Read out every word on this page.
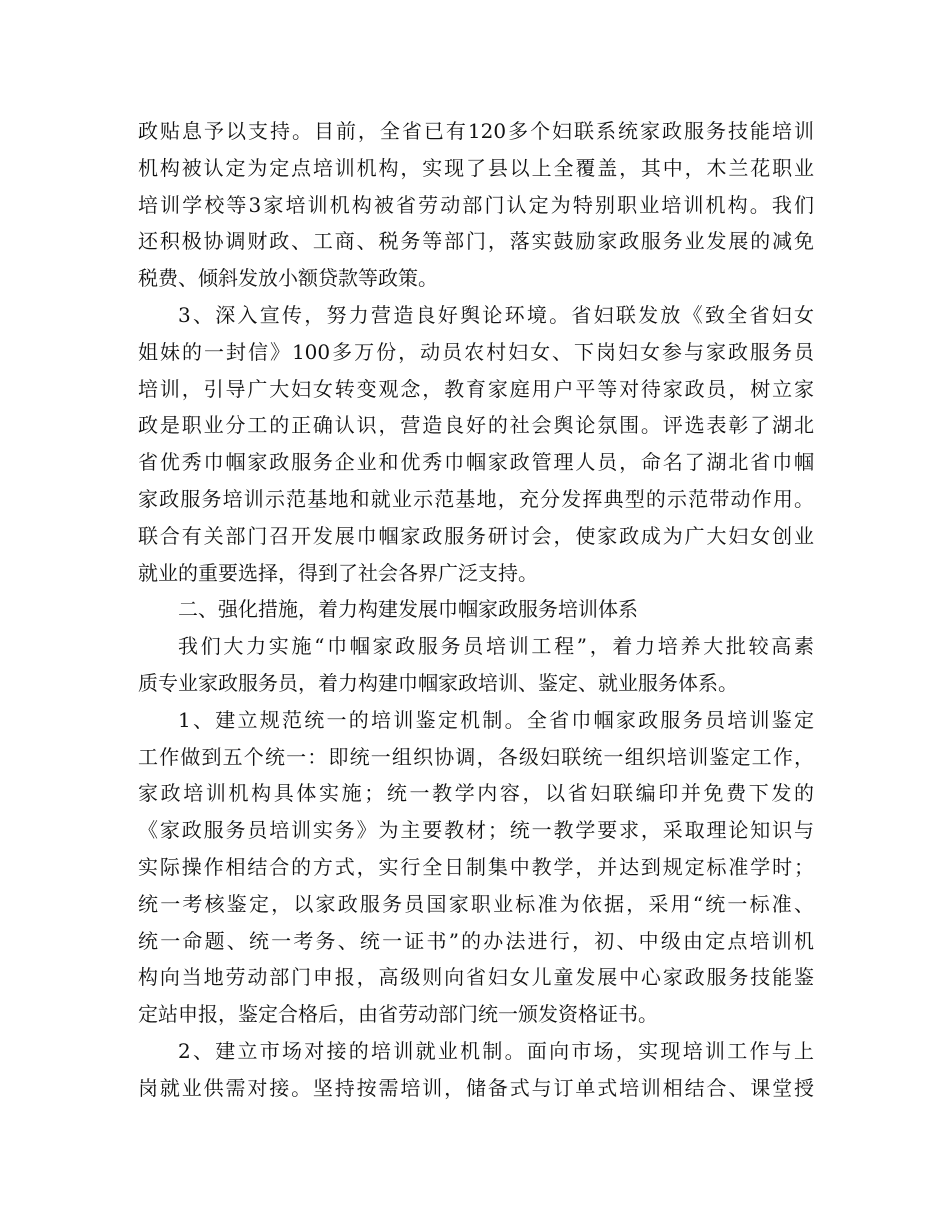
政贴息予以支持。目前，全省已有120多个妇联系统家政服务技能培训
机构被认定为定点培训机构，实现了县以上全覆盖，其中，木兰花职业
培训学校等3家培训机构被省劳动部门认定为特别职业培训机构。我们
还积极协调财政、工商、税务等部门，落实鼓励家政服务业发展的减免
税费、倾斜发放小额贷款等政策。
3、深入宣传，努力营造良好舆论环境。省妇联发放《致全省妇女
姐妹的一封信》100多万份，动员农村妇女、下岗妇女参与家政服务员
培训，引导广大妇女转变观念，教育家庭用户平等对待家政员，树立家
政是职业分工的正确认识，营造良好的社会舆论氛围。评选表彰了湖北
省优秀巾帼家政服务企业和优秀巾帼家政管理人员，命名了湖北省巾帼
家政服务培训示范基地和就业示范基地，充分发挥典型的示范带动作用。
联合有关部门召开发展巾帼家政服务研讨会，使家政成为广大妇女创业
就业的重要选择，得到了社会各界广泛支持。
二、强化措施，着力构建发展巾帼家政服务培训体系
我们大力实施“巾帼家政服务员培训工程”，着力培养大批较高素
质专业家政服务员，着力构建巾帼家政培训、鉴定、就业服务体系。
1、建立规范统一的培训鉴定机制。全省巾帼家政服务员培训鉴定
工作做到五个统一：即统一组织协调，各级妇联统一组织培训鉴定工作，
家政培训机构具体实施；统一教学内容，以省妇联编印并免费下发的
《家政服务员培训实务》为主要教材；统一教学要求，采取理论知识与
实际操作相结合的方式，实行全日制集中教学，并达到规定标准学时；
统一考核鉴定，以家政服务员国家职业标准为依据，采用“统一标准、
统一命题、统一考务、统一证书”的办法进行，初、中级由定点培训机
构向当地劳动部门申报，高级则向省妇女儿童发展中心家政服务技能鉴
定站申报，鉴定合格后，由省劳动部门统一颁发资格证书。
2、建立市场对接的培训就业机制。面向市场，实现培训工作与上
岗就业供需对接。坚持按需培训，储备式与订单式培训相结合、课堂授
